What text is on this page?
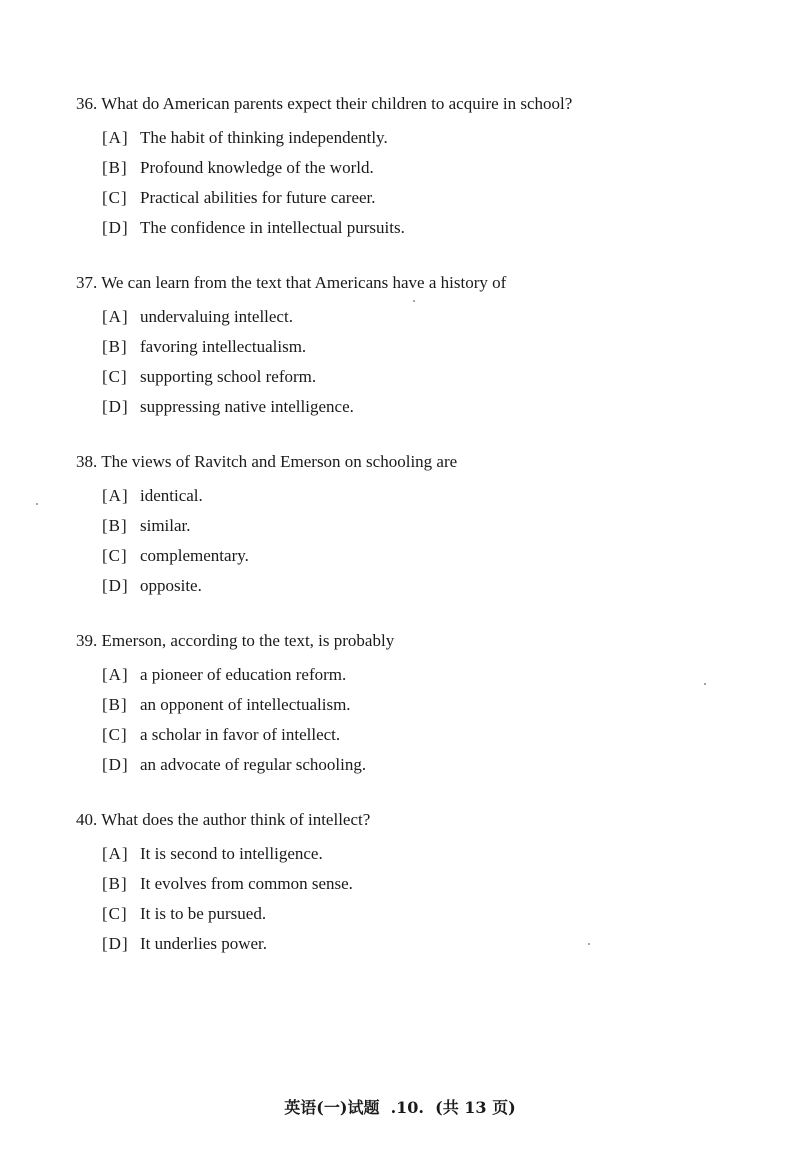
36. What do American parents expect their children to acquire in school?
[A] The habit of thinking independently.
[B] Profound knowledge of the world.
[C] Practical abilities for future career.
[D] The confidence in intellectual pursuits.
37. We can learn from the text that Americans have a history of
[A] undervaluing intellect.
[B] favoring intellectualism.
[C] supporting school reform.
[D] suppressing native intelligence.
38. The views of Ravitch and Emerson on schooling are
[A] identical.
[B] similar.
[C] complementary.
[D] opposite.
39. Emerson, according to the text, is probably
[A] a pioneer of education reform.
[B] an opponent of intellectualism.
[C] a scholar in favor of intellect.
[D] an advocate of regular schooling.
40. What does the author think of intellect?
[A] It is second to intelligence.
[B] It evolves from common sense.
[C] It is to be pursued.
[D] It underlies power.
英语(一)试题 .10. (共 13 页)
